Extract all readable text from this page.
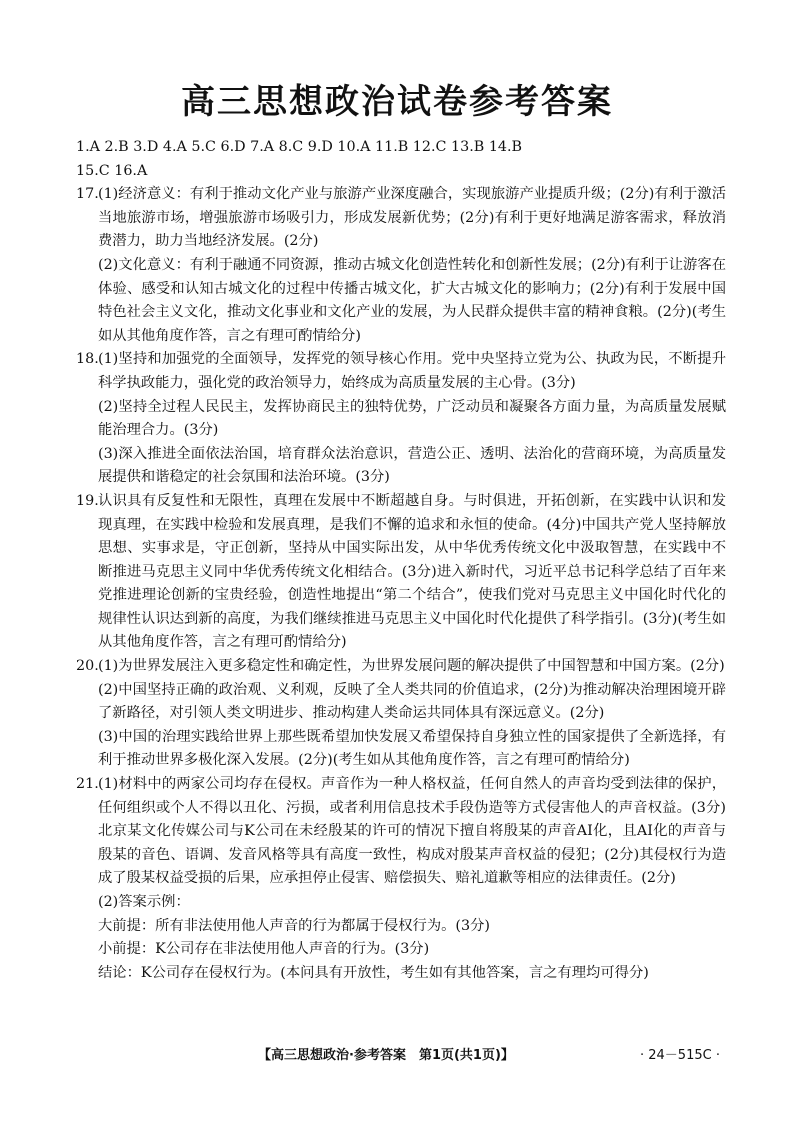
高三思想政治试卷参考答案

1.A 2.B 3.D 4.A 5.C 6.D 7.A 8.C 9.D 10.A 11.B 12.C 13.B 14.B

15.C 16.A

17. (1)经济意义：有利于推动文化产业与旅游产业深度融合，实现旅游产业提质升级；(2分)有利于激活当地旅游市场，增强旅游市场吸引力，形成发展新优势；(2分)有利于更好地满足游客需求，释放消费潜力，助力当地经济发展。(2分)

(2)文化意义：有利于融通不同资源，推动古城文化创造性转化和创新性发展；(2分)有利于让游客在体验、感受和认知古城文化的过程中传播古城文化，扩大古城文化的影响力；(2分)有利于发展中国特色社会主义文化，推动文化事业和文化产业的发展，为人民群众提供丰富的精神食粮。(2分)(考生如从其他角度作答，言之有理可酌情给分)

18. (1)坚持和加强党的全面领导，发挥党的领导核心作用。党中央坚持立党为公、执政为民，不断提升科学执政能力，强化党的政治领导力，始终成为高质量发展的主心骨。(3分)

(2)坚持全过程人民民主，发挥协商民主的独特优势，广泛动员和凝聚各方面力量，为高质量发展赋能治理合力。(3分)

(3)深入推进全面依法治国，培育群众法治意识，营造公正、透明、法治化的营商环境，为高质量发展提供和谐稳定的社会氛围和法治环境。(3分)

19. 认识具有反复性和无限性，真理在发展中不断超越自身。与时俱进，开拓创新，在实践中认识和发现真理，在实践中检验和发展真理，是我们不懈的追求和永恒的使命。(4分)中国共产党人坚持解放思想、实事求是，守正创新，坚持从中国实际出发，从中华优秀传统文化中汲取智慧，在实践中不断推进马克思主义同中华优秀传统文化相结合。(3分)进入新时代，习近平总书记科学总结了百年来党推进理论创新的宝贵经验，创造性地提出“第二个结合”，使我们党对马克思主义中国化时代化的规律性认识达到新的高度，为我们继续推进马克思主义中国化时代化提供了科学指引。(3分)(考生如从其他角度作答，言之有理可酌情给分)

20. (1)为世界发展注入更多稳定性和确定性，为世界发展问题的解决提供了中国智慧和中国方案。(2分)

(2)中国坚持正确的政治观、义利观，反映了全人类共同的价值追求，(2分)为推动解决治理困境开辟了新路径，对引领人类文明进步、推动构建人类命运共同体具有深远意义。(2分)

(3)中国的治理实践给世界上那些既希望加快发展又希望保持自身独立性的国家提供了全新选择，有利于推动世界多极化深入发展。(2分)(考生如从其他角度作答，言之有理可酌情给分)

21. (1)材料中的两家公司均存在侵权。声音作为一种人格权益，任何自然人的声音均受到法律的保护，任何组织或个人不得以丑化、污损，或者利用信息技术手段伪造等方式侵害他人的声音权益。(3分)北京某文化传媒公司与K公司在未经殷某的许可的情况下擅自将殷某的声音AI化，且AI化的声音与殷某的音色、语调、发音风格等具有高度一致性，构成对殷某声音权益的侵犯；(2分)其侵权行为造成了殷某权益受损的后果，应承担停止侵害、赔偿损失、赔礼道歉等相应的法律责任。(2分)

(2)答案示例：

大前提：所有非法使用他人声音的行为都属于侵权行为。(3分)

小前提：K公司存在非法使用他人声音的行为。(3分)

结论：K公司存在侵权行为。(本问具有开放性，考生如有其他答案，言之有理均可得分)

【高三思想政治·参考答案　第1页(共1页)】	· 24－515C ·
